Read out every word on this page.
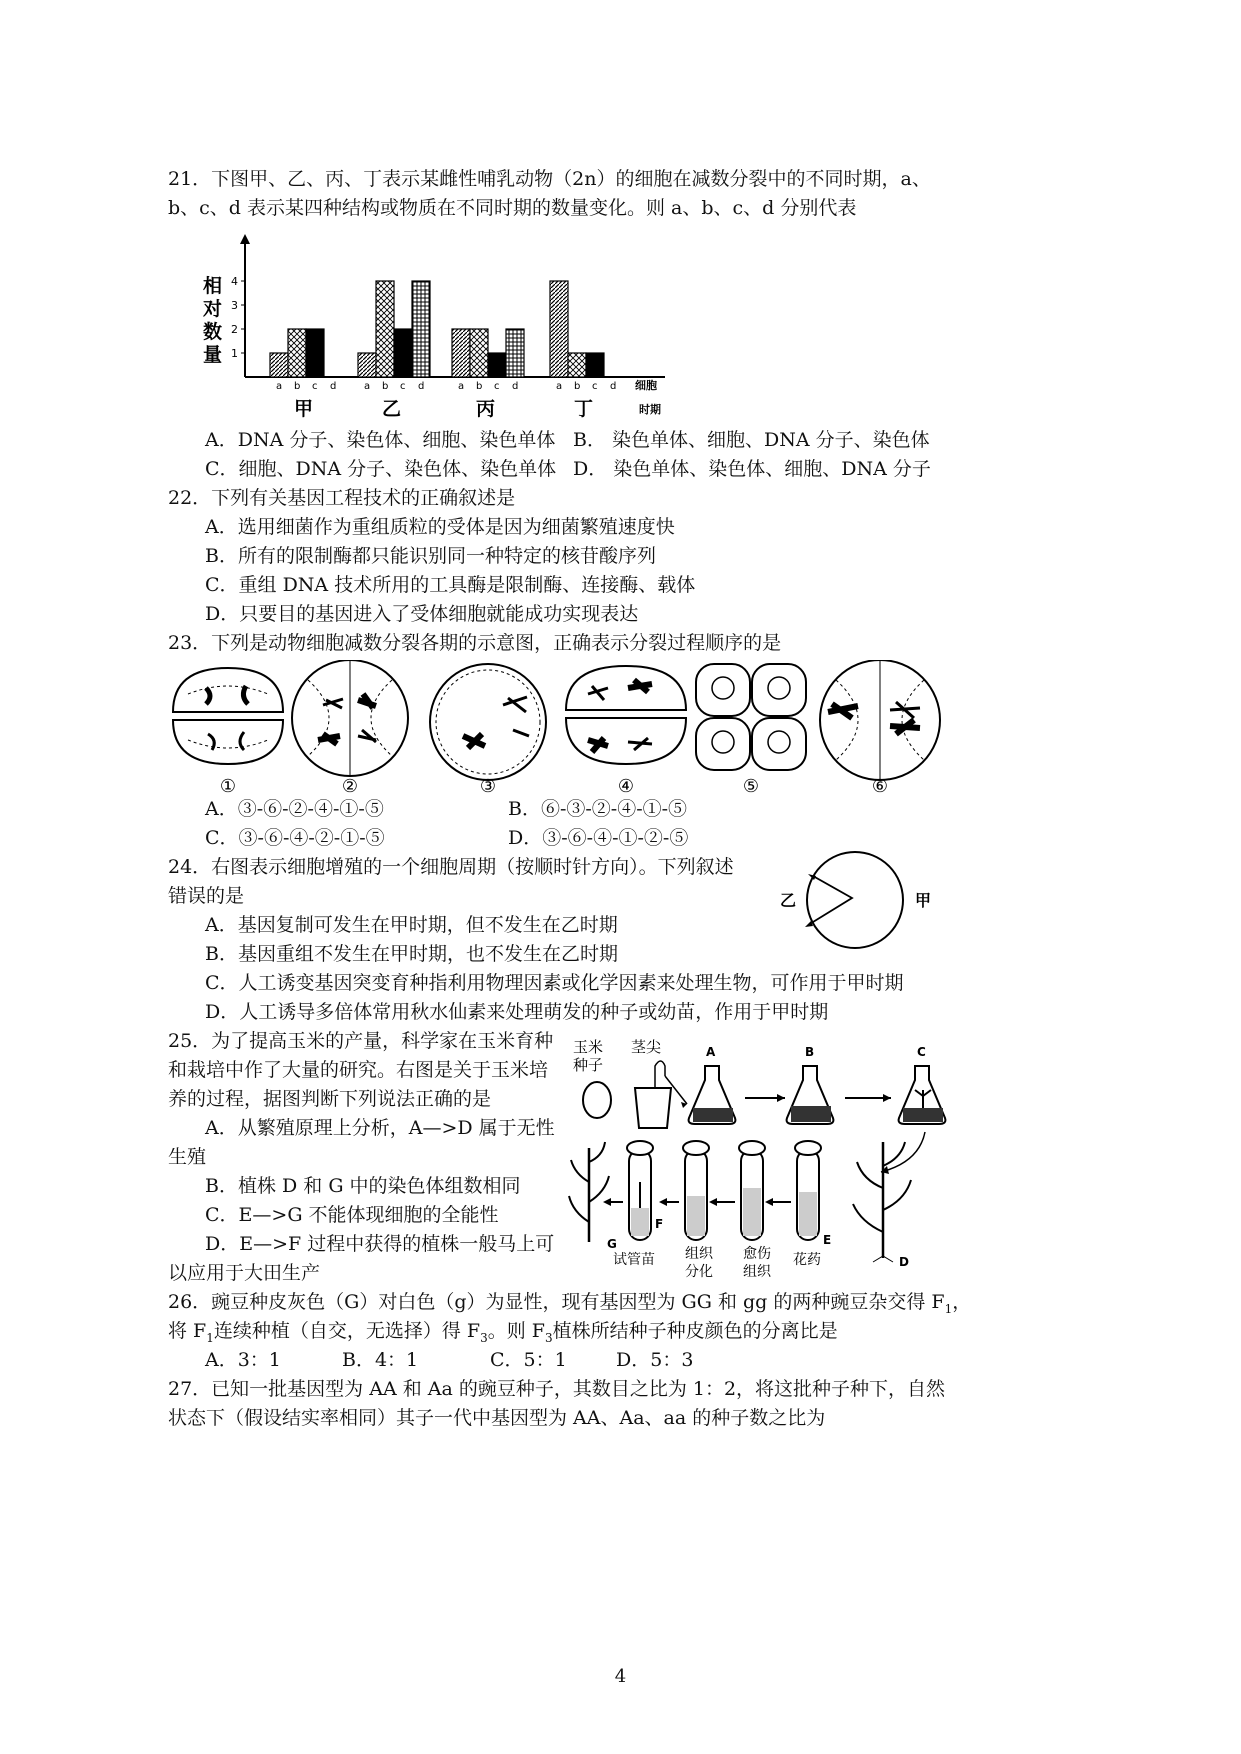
21．下图甲、乙、丙、丁表示某雌性哺乳动物（2n）的细胞在减数分裂中的不同时期，a、
b、c、d 表示某四种结构或物质在不同时期的数量变化。则 a、b、c、d 分别代表
相
对
数
量 1
2
3
4
a b c d
甲
a b c d
乙
a b c d
丙
a b c d
丁
细胞
时期
A．DNA 分子、染色体、细胞、染色单体 B． 染色单体、细胞、DNA 分子、染色体
C．细胞、DNA 分子、染色体、染色单体 D． 染色单体、染色体、细胞、DNA 分子
22．下列有关基因工程技术的正确叙述是
A．选用细菌作为重组质粒的受体是因为细菌繁殖速度快
B．所有的限制酶都只能识别同一种特定的核苷酸序列
C．重组 DNA 技术所用的工具酶是限制酶、连接酶、载体
D．只要目的基因进入了受体细胞就能成功实现表达
23．下列是动物细胞减数分裂各期的示意图，正确表示分裂过程顺序的是
①	②	③	④	⑤	⑥
A．③-⑥-②-④-①-⑤	B．⑥-③-②-④-①-⑤
C．③-⑥-④-②-①-⑤	D．③-⑥-④-①-②-⑤
24．右图表示细胞增殖的一个细胞周期（按顺时针方向）。下列叙述
错误的是	乙	甲
A．基因复制可发生在甲时期，但不发生在乙时期
B．基因重组不发生在甲时期，也不发生在乙时期
C．人工诱变基因突变育种指利用物理因素或化学因素来处理生物，可作用于甲时期
D．人工诱导多倍体常用秋水仙素来处理萌发的种子或幼苗，作用于甲时期
25．为了提高玉米的产量，科学家在玉米育种
和栽培中作了大量的研究。右图是关于玉米培
养的过程，据图判断下列说法正确的是
A．从繁殖原理上分析，A—>D 属于无性
生殖
B．植株 D 和 G 中的染色体组数相同
C．E—>G 不能体现细胞的全能性
D．E—>F 过程中获得的植株一般马上可
以应用于大田生产
玉米
种子
茎尖	A	B	C
D
E
F
G
试管苗 组织
分化
愈伤
组织
花药
26．豌豆种皮灰色（G）对白色（g）为显性，现有基因型为 GG 和 gg 的两种豌豆杂交得 $F_1$，
将 $F_1$连续种植（自交，无选择）得 $F_3$。则 $F_3$植株所结种子种皮颜色的分离比是
A．3：1	B．4：1	C．5：1	D．5：3
27．已知一批基因型为 AA 和 Aa 的豌豆种子，其数目之比为 1：2，将这批种子种下，自然
状态下（假设结实率相同）其子一代中基因型为 AA、Aa、aa 的种子数之比为
4
